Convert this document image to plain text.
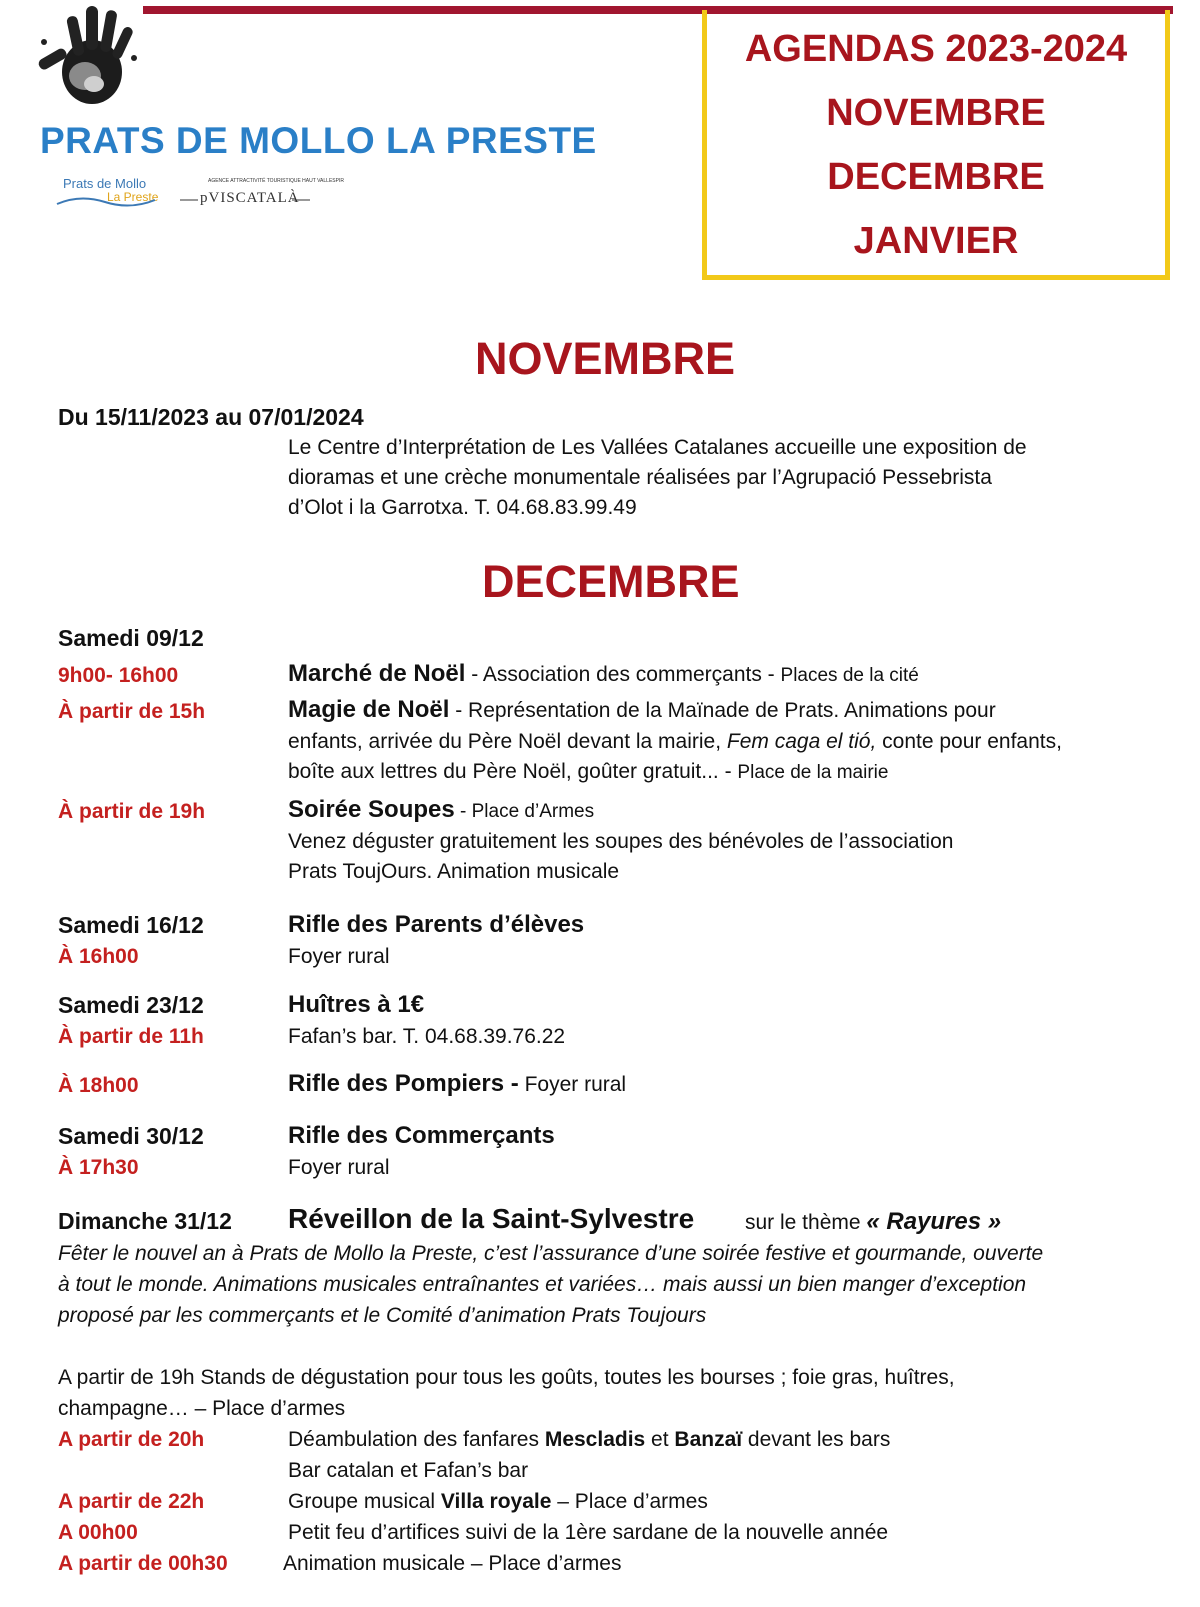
PRATS DE MOLLO LA PRESTE
Prats de Mollo
La Preste
AGENCE ATTRACTIVITÉ TOURISTIQUE HAUT VALLESPIR
pVISCATALÀ
AGENDAS 2023-2024
NOVEMBRE
DECEMBRE
JANVIER
NOVEMBRE
Du 15/11/2023 au 07/01/2024
Le Centre d’Interprétation de Les Vallées Catalanes accueille une exposition de
dioramas et une crèche monumentale réalisées par l’Agrupació Pessebrista
d’Olot i la Garrotxa. T. 04.68.83.99.49
DECEMBRE
Samedi 09/12
9h00- 16h00	Marché de Noël - Association des commerçants - Places de la cité
À partir de 15h	Magie de Noël - Représentation de la Maïnade de Prats. Animations pour
enfants, arrivée du Père Noël devant la mairie, Fem caga el tió, conte pour enfants,
boîte aux lettres du Père Noël, goûter gratuit... - Place de la mairie
À partir de 19h	Soirée Soupes - Place d’Armes
Venez déguster gratuitement les soupes des bénévoles de l’association
Prats ToujOurs. Animation musicale
Samedi 16/12	Rifle des Parents d’élèves
À 16h00	Foyer rural
Samedi 23/12	Huîtres à 1€
À partir de 11h	Fafan’s bar. T. 04.68.39.76.22
À 18h00	Rifle des Pompiers - Foyer rural
Samedi 30/12	Rifle des Commerçants
À 17h30	Foyer rural
Dimanche 31/12 Réveillon de la Saint-Sylvestre sur le thème « Rayures »
Fêter le nouvel an à Prats de Mollo la Preste, c’est l’assurance d’une soirée festive et gourmande, ouverte
à tout le monde. Animations musicales entraînantes et variées… mais aussi un bien manger d’exception
proposé par les commerçants et le Comité d’animation Prats Toujours
A partir de 19h Stands de dégustation pour tous les goûts, toutes les bourses ; foie gras, huîtres,
champagne… – Place d’armes
A partir de 20h	Déambulation des fanfares Mescladis et Banzaï devant les bars
Bar catalan et Fafan’s bar
A partir de 22h	Groupe musical Villa royale – Place d’armes
A 00h00	Petit feu d’artifices suivi de la 1ère sardane de la nouvelle année
A partir de 00h30	Animation musicale – Place d’armes
